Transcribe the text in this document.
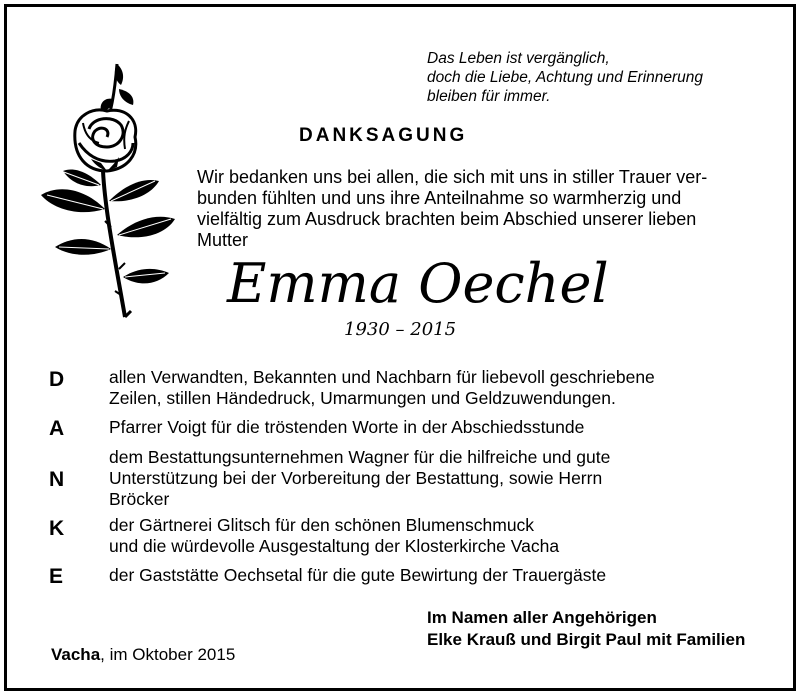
Das Leben ist vergänglich,
doch die Liebe, Achtung und Erinnerung
bleiben für immer.
DANKSAGUNG
Wir bedanken uns bei allen, die sich mit uns in stiller Trauer ver-
bunden fühlten und uns ihre Anteilnahme so warmherzig und
vielfältig zum Ausdruck brachten beim Abschied unserer lieben
Mutter
Emma Oechel
1930 – 2015
D
A
N
K
E
allen Verwandten, Bekannten und Nachbarn für liebevoll geschriebene
Zeilen, stillen Händedruck, Umarmungen und Geldzuwendungen.
Pfarrer Voigt für die tröstenden Worte in der Abschiedsstunde
dem Bestattungsunternehmen Wagner für die hilfreiche und gute
Unterstützung bei der Vorbereitung der Bestattung, sowie Herrn
Bröcker
der Gärtnerei Glitsch für den schönen Blumenschmuck
und die würdevolle Ausgestaltung der Klosterkirche Vacha
der Gaststätte Oechsetal für die gute Bewirtung der Trauergäste
Im Namen aller Angehörigen
Elke Krauß und Birgit Paul mit Familien
Vacha, im Oktober 2015
